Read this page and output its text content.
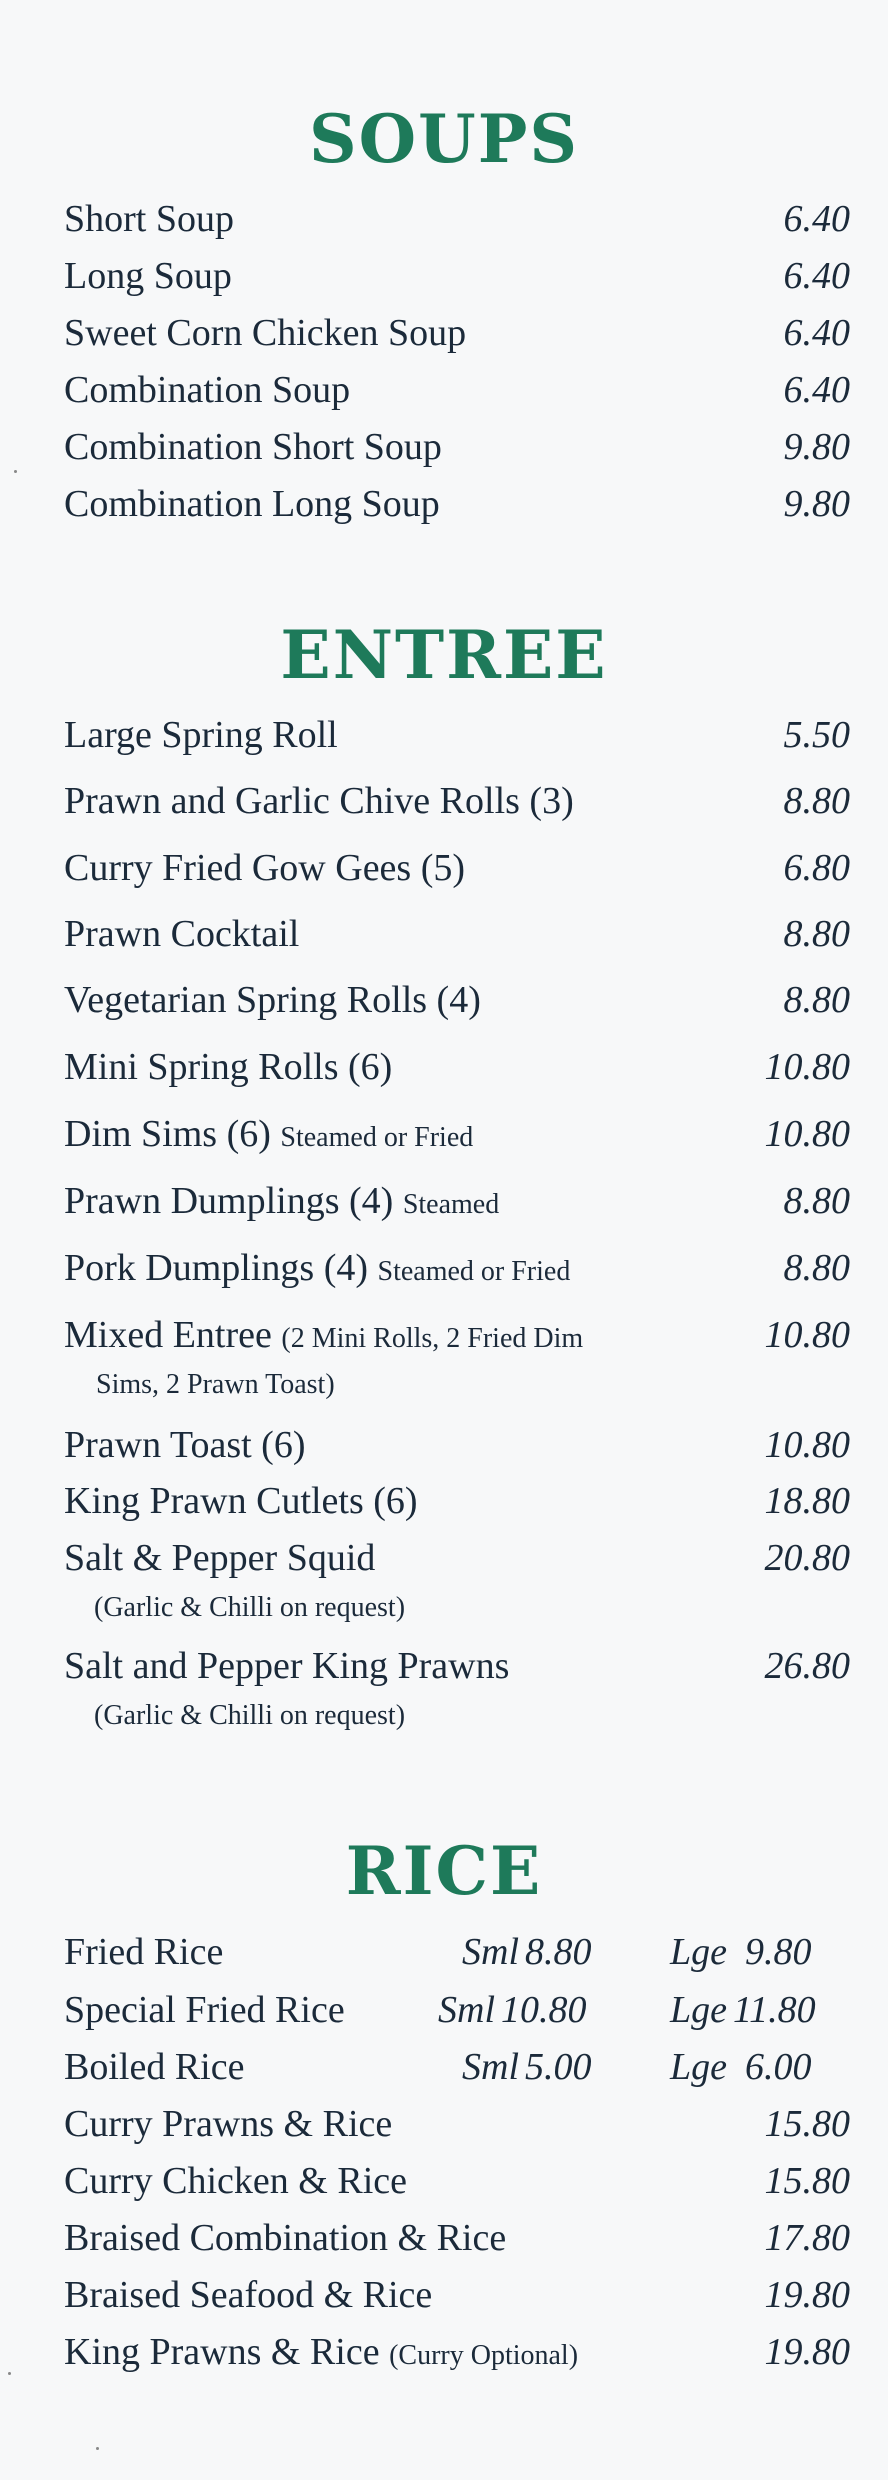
SOUPS
Short Soup	6.40
Long Soup	6.40
Sweet Corn Chicken Soup	6.40
Combination Soup	6.40
Combination Short Soup	9.80
Combination Long Soup	9.80
ENTREE
Large Spring Roll	5.50
Prawn and Garlic Chive Rolls (3)	8.80
Curry Fried Gow Gees (5)	6.80
Prawn Cocktail	8.80
Vegetarian Spring Rolls (4)	8.80
Mini Spring Rolls (6)	10.80
Dim Sims (6) Steamed or Fried	10.80
Prawn Dumplings (4) Steamed	8.80
Pork Dumplings (4) Steamed or Fried	8.80
Mixed Entree (2 Mini Rolls, 2 Fried Dim
Sims, 2 Prawn Toast)
10.80
Prawn Toast (6)	10.80
King Prawn Cutlets (6)	18.80
Salt & Pepper Squid
(Garlic & Chilli on request)
20.80
Salt and Pepper King Prawns
(Garlic & Chilli on request)
26.80
RICE
Fried Rice	Sml 8.80 Lge 9.80
Special Fried Rice Sml 10.80 Lge 11.80
Boiled Rice	Sml 5.00 Lge 6.00
Curry Prawns & Rice	15.80
Curry Chicken & Rice	15.80
Braised Combination & Rice	17.80
Braised Seafood & Rice	19.80
King Prawns & Rice (Curry Optional)	19.80
